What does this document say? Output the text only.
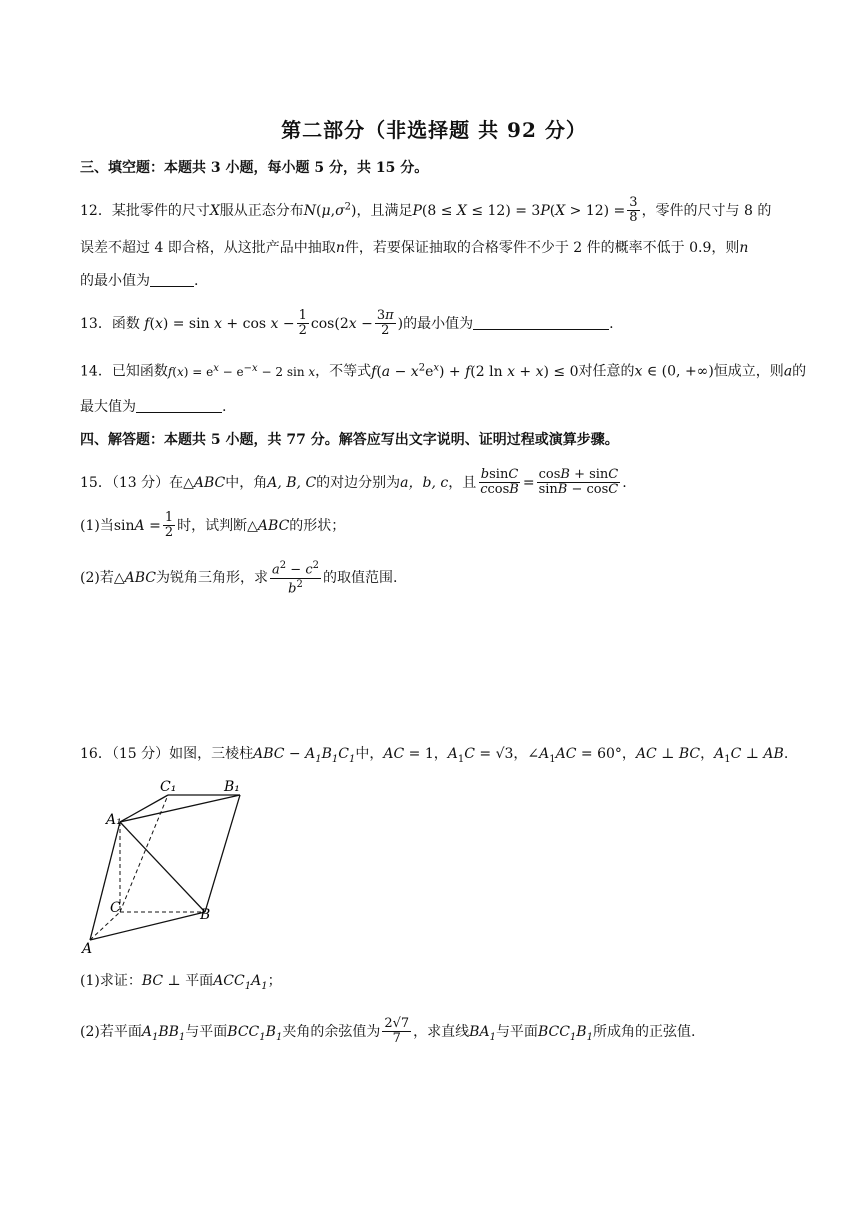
第二部分（非选择题 共 92 分）
三、填空题：本题共 3 小题，每小题 5 分，共 15 分。
12．某批零件的尺寸X服从正态分布$N(\mu,\sigma^2)$，且满足$P(8 \le X \le 12) = 3P(X > 12) = \frac{3}{8}$ ，零件的尺寸与 8 的
误差不超过 4 即合格，从这批产品中抽取n件，若要保证抽取的合格零件不少于 2 件的概率不低于 0.9，则n
的最小值为	.
13．函数 $f(x) = \sin x + \cos x - \frac{1}{2} \cos(2x - \frac{3\pi}{2}$ )的最小值为	.
14．已知函数$f(x) = e^x - e^{-x} - 2$ sin x，不等式$f(a - x^2e^x) + f(2$ ln x + x) ≤ 0对任意的x ∈ (0, +∞)恒成立，则a的
最大值为	.
四、解答题：本题共 5 小题，共 77 分。解答应写出文字说明、证明过程或演算步骤。
15．（13 分）在△ABC中，角A, B, C的对边分别为a，b, c，且 $\frac{bsinC}{ccosB} = \frac{\cos B + \sin C}{\sin B - \cos C}$ .
(1)当$\sin A = \frac{1}{2}$ 时，试判断△ABC的形状；
(2)若△ABC为锐角三角形，求 $\frac{a^2 - c^2}{b^2}$ 的取值范围.
16．（15 分）如图，三棱柱ABC − $A_1B_1C_1$中，AC = 1，$A_1C = √3$，$\angle A_1AC = 60^\circ$，AC ⊥ BC，$A_1C$ ⊥ AB.
C₁	B₁
A₁
C	B
A
(1)求证：BC ⊥ 平面$ACC_1A_1$；
(2)若平面$A_1BB_1$与平面$BCC_1B_1$夹角的余弦值为 $\frac{2√7}{7}$ ，求直线$BA_1$与平面$BCC_1B_1$所成角的正弦值.
